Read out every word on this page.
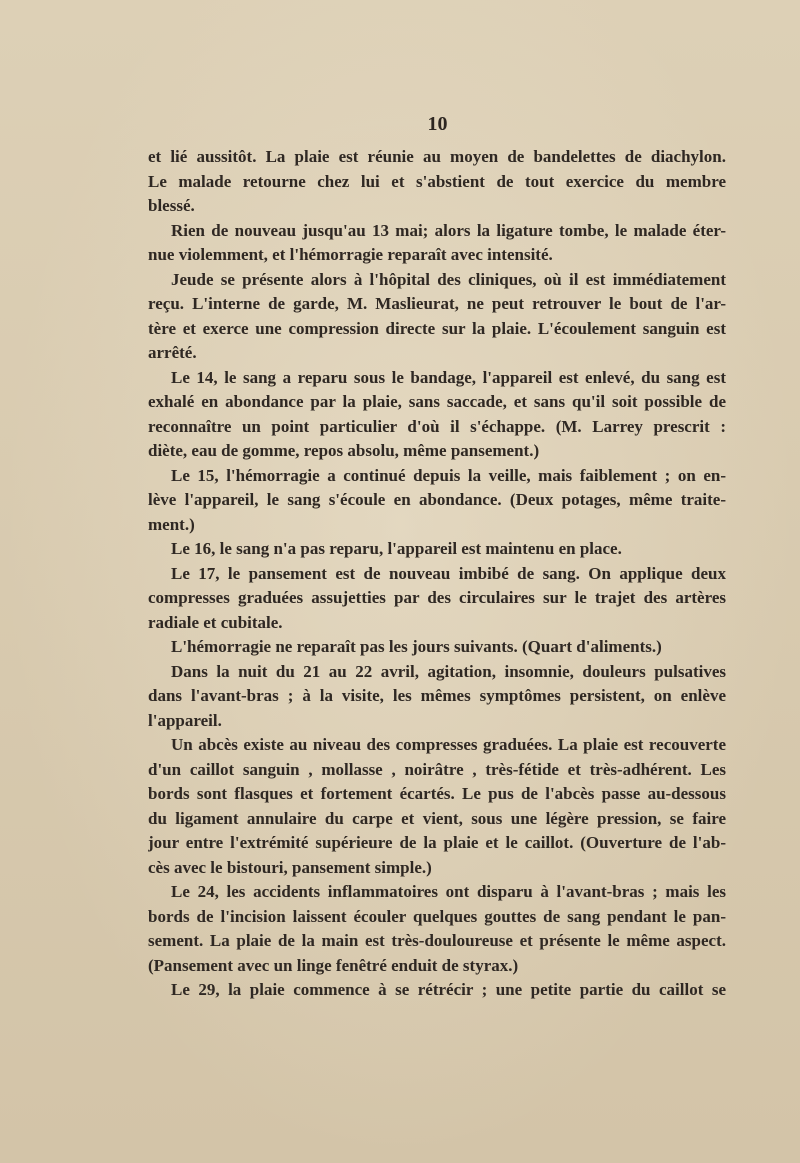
10
et lié aussitôt. La plaie est réunie au moyen de bandelettes de diachylon.
Le malade retourne chez lui et s'abstient de tout exercice du membre
blessé.
Rien de nouveau jusqu'au 13 mai; alors la ligature tombe, le malade éter-
nue violemment, et l'hémorragie reparaît avec intensité.
Jeude se présente alors à l'hôpital des cliniques, où il est immédiatement
reçu. L'interne de garde, M. Maslieurat, ne peut retrouver le bout de l'ar-
tère et exerce une compression directe sur la plaie. L'écoulement sanguin est
arrêté.
Le 14, le sang a reparu sous le bandage, l'appareil est enlevé, du sang est
exhalé en abondance par la plaie, sans saccade, et sans qu'il soit possible de
reconnaître un point particulier d'où il s'échappe. (M. Larrey prescrit :
diète, eau de gomme, repos absolu, même pansement.)
Le 15, l'hémorragie a continué depuis la veille, mais faiblement ; on en-
lève l'appareil, le sang s'écoule en abondance. (Deux potages, même traite-
ment.)
Le 16, le sang n'a pas reparu, l'appareil est maintenu en place.
Le 17, le pansement est de nouveau imbibé de sang. On applique deux
compresses graduées assujetties par des circulaires sur le trajet des artères
radiale et cubitale.
L'hémorragie ne reparaît pas les jours suivants. (Quart d'aliments.)
Dans la nuit du 21 au 22 avril, agitation, insomnie, douleurs pulsatives
dans l'avant-bras ; à la visite, les mêmes symptômes persistent, on enlève
l'appareil.
Un abcès existe au niveau des compresses graduées. La plaie est recouverte
d'un caillot sanguin , mollasse , noirâtre , très-fétide et très-adhérent. Les
bords sont flasques et fortement écartés. Le pus de l'abcès passe au-dessous
du ligament annulaire du carpe et vient, sous une légère pression, se faire
jour entre l'extrémité supérieure de la plaie et le caillot. (Ouverture de l'ab-
cès avec le bistouri, pansement simple.)
Le 24, les accidents inflammatoires ont disparu à l'avant-bras ; mais les
bords de l'incision laissent écouler quelques gouttes de sang pendant le pan-
sement. La plaie de la main est très-douloureuse et présente le même aspect.
(Pansement avec un linge fenêtré enduit de styrax.)
Le 29, la plaie commence à se rétrécir ; une petite partie du caillot se
